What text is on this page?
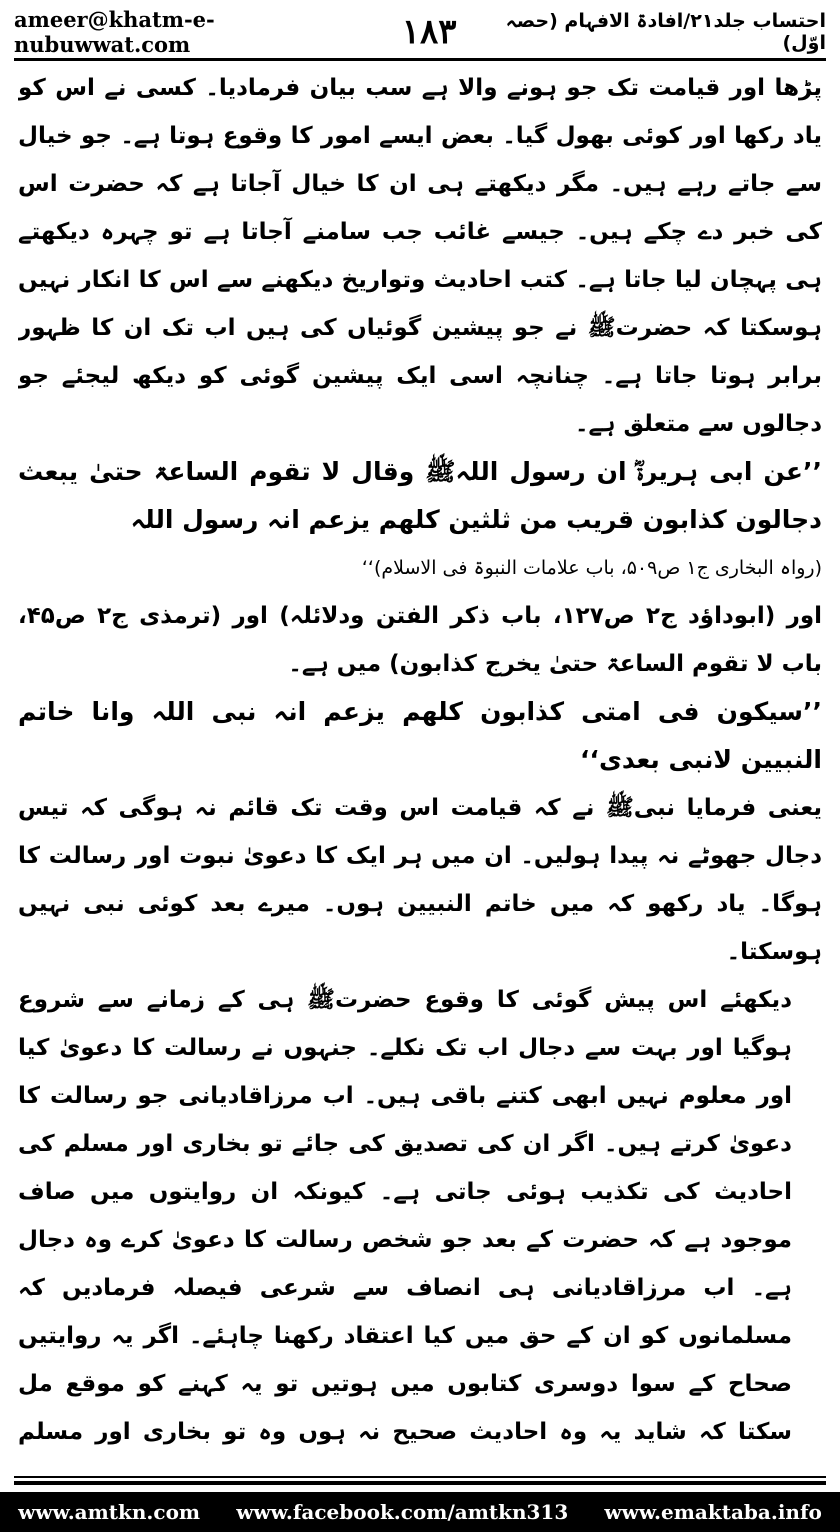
ameer@khatm-e-nubuwwat.com	۱۸۳	احتساب جلد۲۱/افادۃ الافہام (حصہ اوّل)

پڑھا اور قیامت تک جو ہونے والا ہے سب بیان فرمادیا۔ کسی نے اس کو یاد رکھا اور کوئی بھول گیا۔ بعض ایسے امور کا وقوع ہوتا ہے۔ جو خیال سے جاتے رہے ہیں۔ مگر دیکھتے ہی ان کا خیال آجاتا ہے کہ حضرت اس کی خبر دے چکے ہیں۔ جیسے غائب جب سامنے آجاتا ہے تو چہرہ دیکھتے ہی پہچان لیا جاتا ہے۔ کتب احادیث وتواریخ دیکھنے سے اس کا انکار نہیں ہوسکتا کہ حضرتﷺ نے جو پیشین گوئیاں کی ہیں اب تک ان کا ظہور برابر ہوتا جاتا ہے۔ چنانچہ اسی ایک پیشین گوئی کو دیکھ لیجئے جو دجالوں سے متعلق ہے۔

’’عن ابی ہریرۃؓ ان رسول اللہﷺ وقال لا تقوم الساعۃ حتیٰ یبعث دجالون کذابون قریب من ثلثین کلھم یزعم انہ رسول اللہ

(رواہ البخاری ج۱ ص۵۰۹، باب علامات النبوۃ فی الاسلام)‘‘

اور (ابوداؤد ج۲ ص۱۲۷، باب ذکر الفتن ودلائلہ) اور (ترمذی ج۲ ص۴۵، باب لا تقوم الساعۃ حتیٰ یخرج کذابون) میں ہے۔

’’سیکون فی امتی کذابون کلھم یزعم انہ نبی اللہ وانا خاتم النبیین لانبی بعدی‘‘

یعنی فرمایا نبیﷺ نے کہ قیامت اس وقت تک قائم نہ ہوگی کہ تیس دجال جھوٹے نہ پیدا ہولیں۔ ان میں ہر ایک کا دعویٰ نبوت اور رسالت کا ہوگا۔ یاد رکھو کہ میں خاتم النبیین ہوں۔ میرے بعد کوئی نبی نہیں ہوسکتا۔

دیکھئے اس پیش گوئی کا وقوع حضرتﷺ ہی کے زمانے سے شروع ہوگیا اور بہت سے دجال اب تک نکلے۔ جنہوں نے رسالت کا دعویٰ کیا اور معلوم نہیں ابھی کتنے باقی ہیں۔ اب مرزاقادیانی جو رسالت کا دعویٰ کرتے ہیں۔ اگر ان کی تصدیق کی جائے تو بخاری اور مسلم کی احادیث کی تکذیب ہوئی جاتی ہے۔ کیونکہ ان روایتوں میں صاف موجود ہے کہ حضرت کے بعد جو شخص رسالت کا دعویٰ کرے وہ دجال ہے۔ اب مرزاقادیانی ہی انصاف سے شرعی فیصلہ فرمادیں کہ مسلمانوں کو ان کے حق میں کیا اعتقاد رکھنا چاہئے۔ اگر یہ روایتیں صحاح کے سوا دوسری کتابوں میں ہوتیں تو یہ کہنے کو موقع مل سکتا کہ شاید یہ وہ احادیث صحیح نہ ہوں وہ تو بخاری اور مسلم

www.amtkn.com www.facebook.com/amtkn313 www.emaktaba.info
